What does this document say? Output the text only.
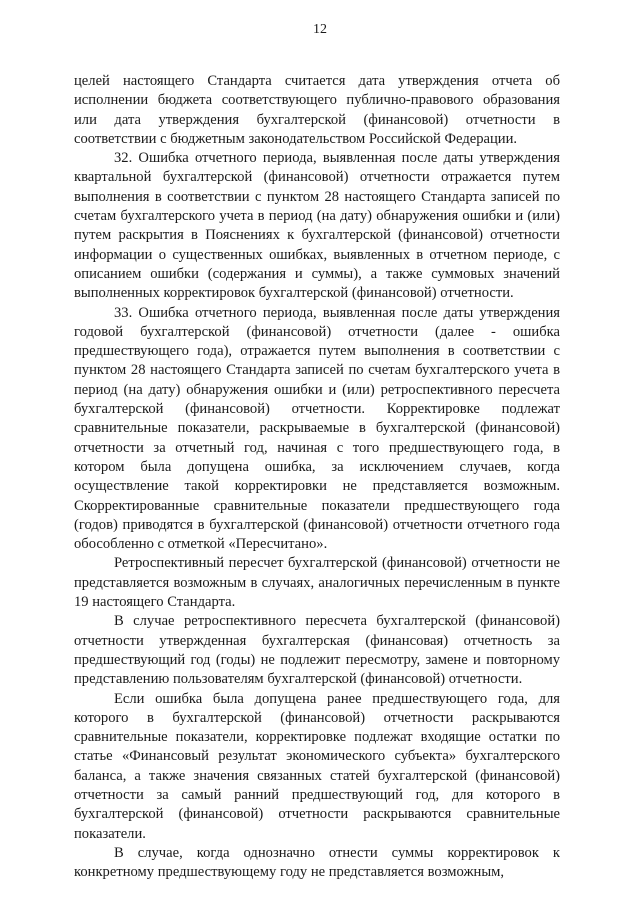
12

целей настоящего Стандарта считается дата утверждения отчета об исполнении бюджета соответствующего публично-правового образования или дата утверждения бухгалтерской (финансовой) отчетности в соответствии с бюджетным законодательством Российской Федерации.

32. Ошибка отчетного периода, выявленная после даты утверждения квартальной бухгалтерской (финансовой) отчетности отражается путем выполнения в соответствии с пунктом 28 настоящего Стандарта записей по счетам бухгалтерского учета в период (на дату) обнаружения ошибки и (или) путем раскрытия в Пояснениях к бухгалтерской (финансовой) отчетности информации о существенных ошибках, выявленных в отчетном периоде, с описанием ошибки (содержания и суммы), а также суммовых значений выполненных корректировок бухгалтерской (финансовой) отчетности.

33. Ошибка отчетного периода, выявленная после даты утверждения годовой бухгалтерской (финансовой) отчетности (далее - ошибка предшествующего года), отражается путем выполнения в соответствии с пунктом 28 настоящего Стандарта записей по счетам бухгалтерского учета в период (на дату) обнаружения ошибки и (или) ретроспективного пересчета бухгалтерской (финансовой) отчетности. Корректировке подлежат сравнительные показатели, раскрываемые в бухгалтерской (финансовой) отчетности за отчетный год, начиная с того предшествующего года, в котором была допущена ошибка, за исключением случаев, когда осуществление такой корректировки не представляется возможным. Скорректированные сравнительные показатели предшествующего года (годов) приводятся в бухгалтерской (финансовой) отчетности отчетного года обособленно с отметкой «Пересчитано».

Ретроспективный пересчет бухгалтерской (финансовой) отчетности не представляется возможным в случаях, аналогичных перечисленным в пункте 19 настоящего Стандарта.

В случае ретроспективного пересчета бухгалтерской (финансовой) отчетности утвержденная бухгалтерская (финансовая) отчетность за предшествующий год (годы) не подлежит пересмотру, замене и повторному представлению пользователям бухгалтерской (финансовой) отчетности.

Если ошибка была допущена ранее предшествующего года, для которого в бухгалтерской (финансовой) отчетности раскрываются сравнительные показатели, корректировке подлежат входящие остатки по статье «Финансовый результат экономического субъекта» бухгалтерского баланса, а также значения связанных статей бухгалтерской (финансовой) отчетности за самый ранний предшествующий год, для которого в бухгалтерской (финансовой) отчетности раскрываются сравнительные показатели.

В случае, когда однозначно отнести суммы корректировок к конкретному предшествующему году не представляется возможным,
